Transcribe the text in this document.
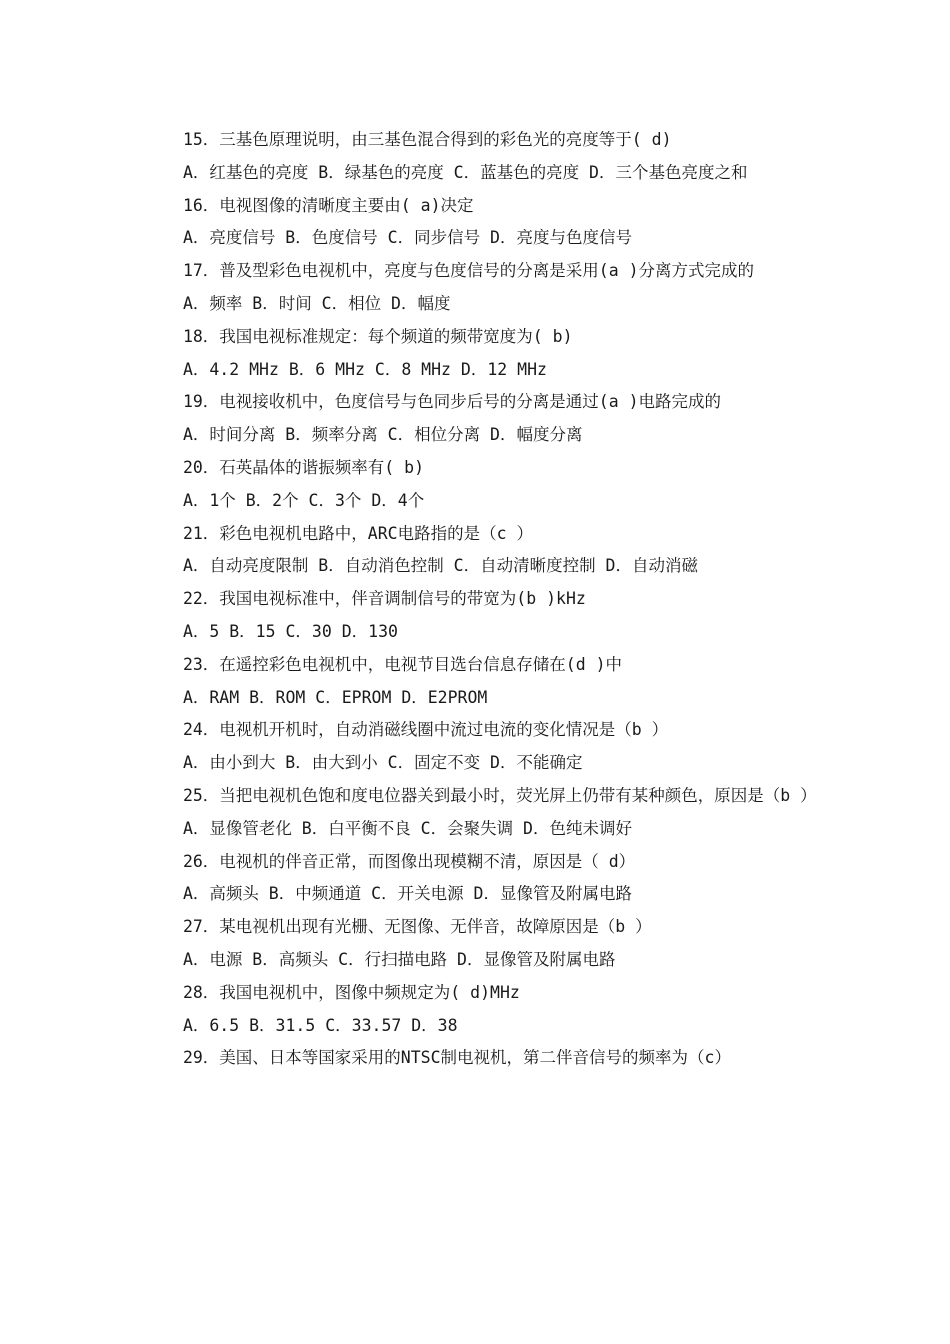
15．三基色原理说明，由三基色混合得到的彩色光的亮度等于( d)

A．红基色的亮度 B．绿基色的亮度 C．蓝基色的亮度 D．三个基色亮度之和

16．电视图像的清晰度主要由( a)决定

A．亮度信号 B．色度信号 C．同步信号 D．亮度与色度信号

17．普及型彩色电视机中，亮度与色度信号的分离是采用(a )分离方式完成的

A．频率 B．时间 C．相位 D．幅度

18．我国电视标准规定：每个频道的频带宽度为( b)

A．4.2 MHz B．6 MHz C．8 MHz D．12 MHz

19．电视接收机中，色度信号与色同步后号的分离是通过(a )电路完成的

A．时间分离 B．频率分离 C．相位分离 D．幅度分离

20．石英晶体的谐振频率有( b)

A．1个 B．2个 C．3个 D．4个

21．彩色电视机电路中，ARC电路指的是（c ）

A．自动亮度限制 B．自动消色控制 C．自动清晰度控制 D．自动消磁

22．我国电视标准中，伴音调制信号的带宽为(b )kHz

A．5 B．15 C．30 D．130

23．在遥控彩色电视机中，电视节目选台信息存储在(d )中

A．RAM B．ROM C．EPROM D．E2PROM

24．电视机开机时，自动消磁线圈中流过电流的变化情况是（b ）

A．由小到大 B．由大到小 C．固定不变 D．不能确定

25．当把电视机色饱和度电位器关到最小时，荧光屏上仍带有某种颜色，原因是（b ）

A．显像管老化 B．白平衡不良 C．会聚失调 D．色纯未调好

26．电视机的伴音正常，而图像出现模糊不清，原因是（ d）

A．高频头 B．中频通道 C．开关电源 D．显像管及附属电路

27．某电视机出现有光栅、无图像、无伴音，故障原因是（b ）

A．电源 B．高频头 C．行扫描电路 D．显像管及附属电路

28．我国电视机中，图像中频规定为( d)MHz

A．6.5 B．31.5 C．33.57 D．38

29．美国、日本等国家采用的NTSC制电视机，第二伴音信号的频率为（c）
